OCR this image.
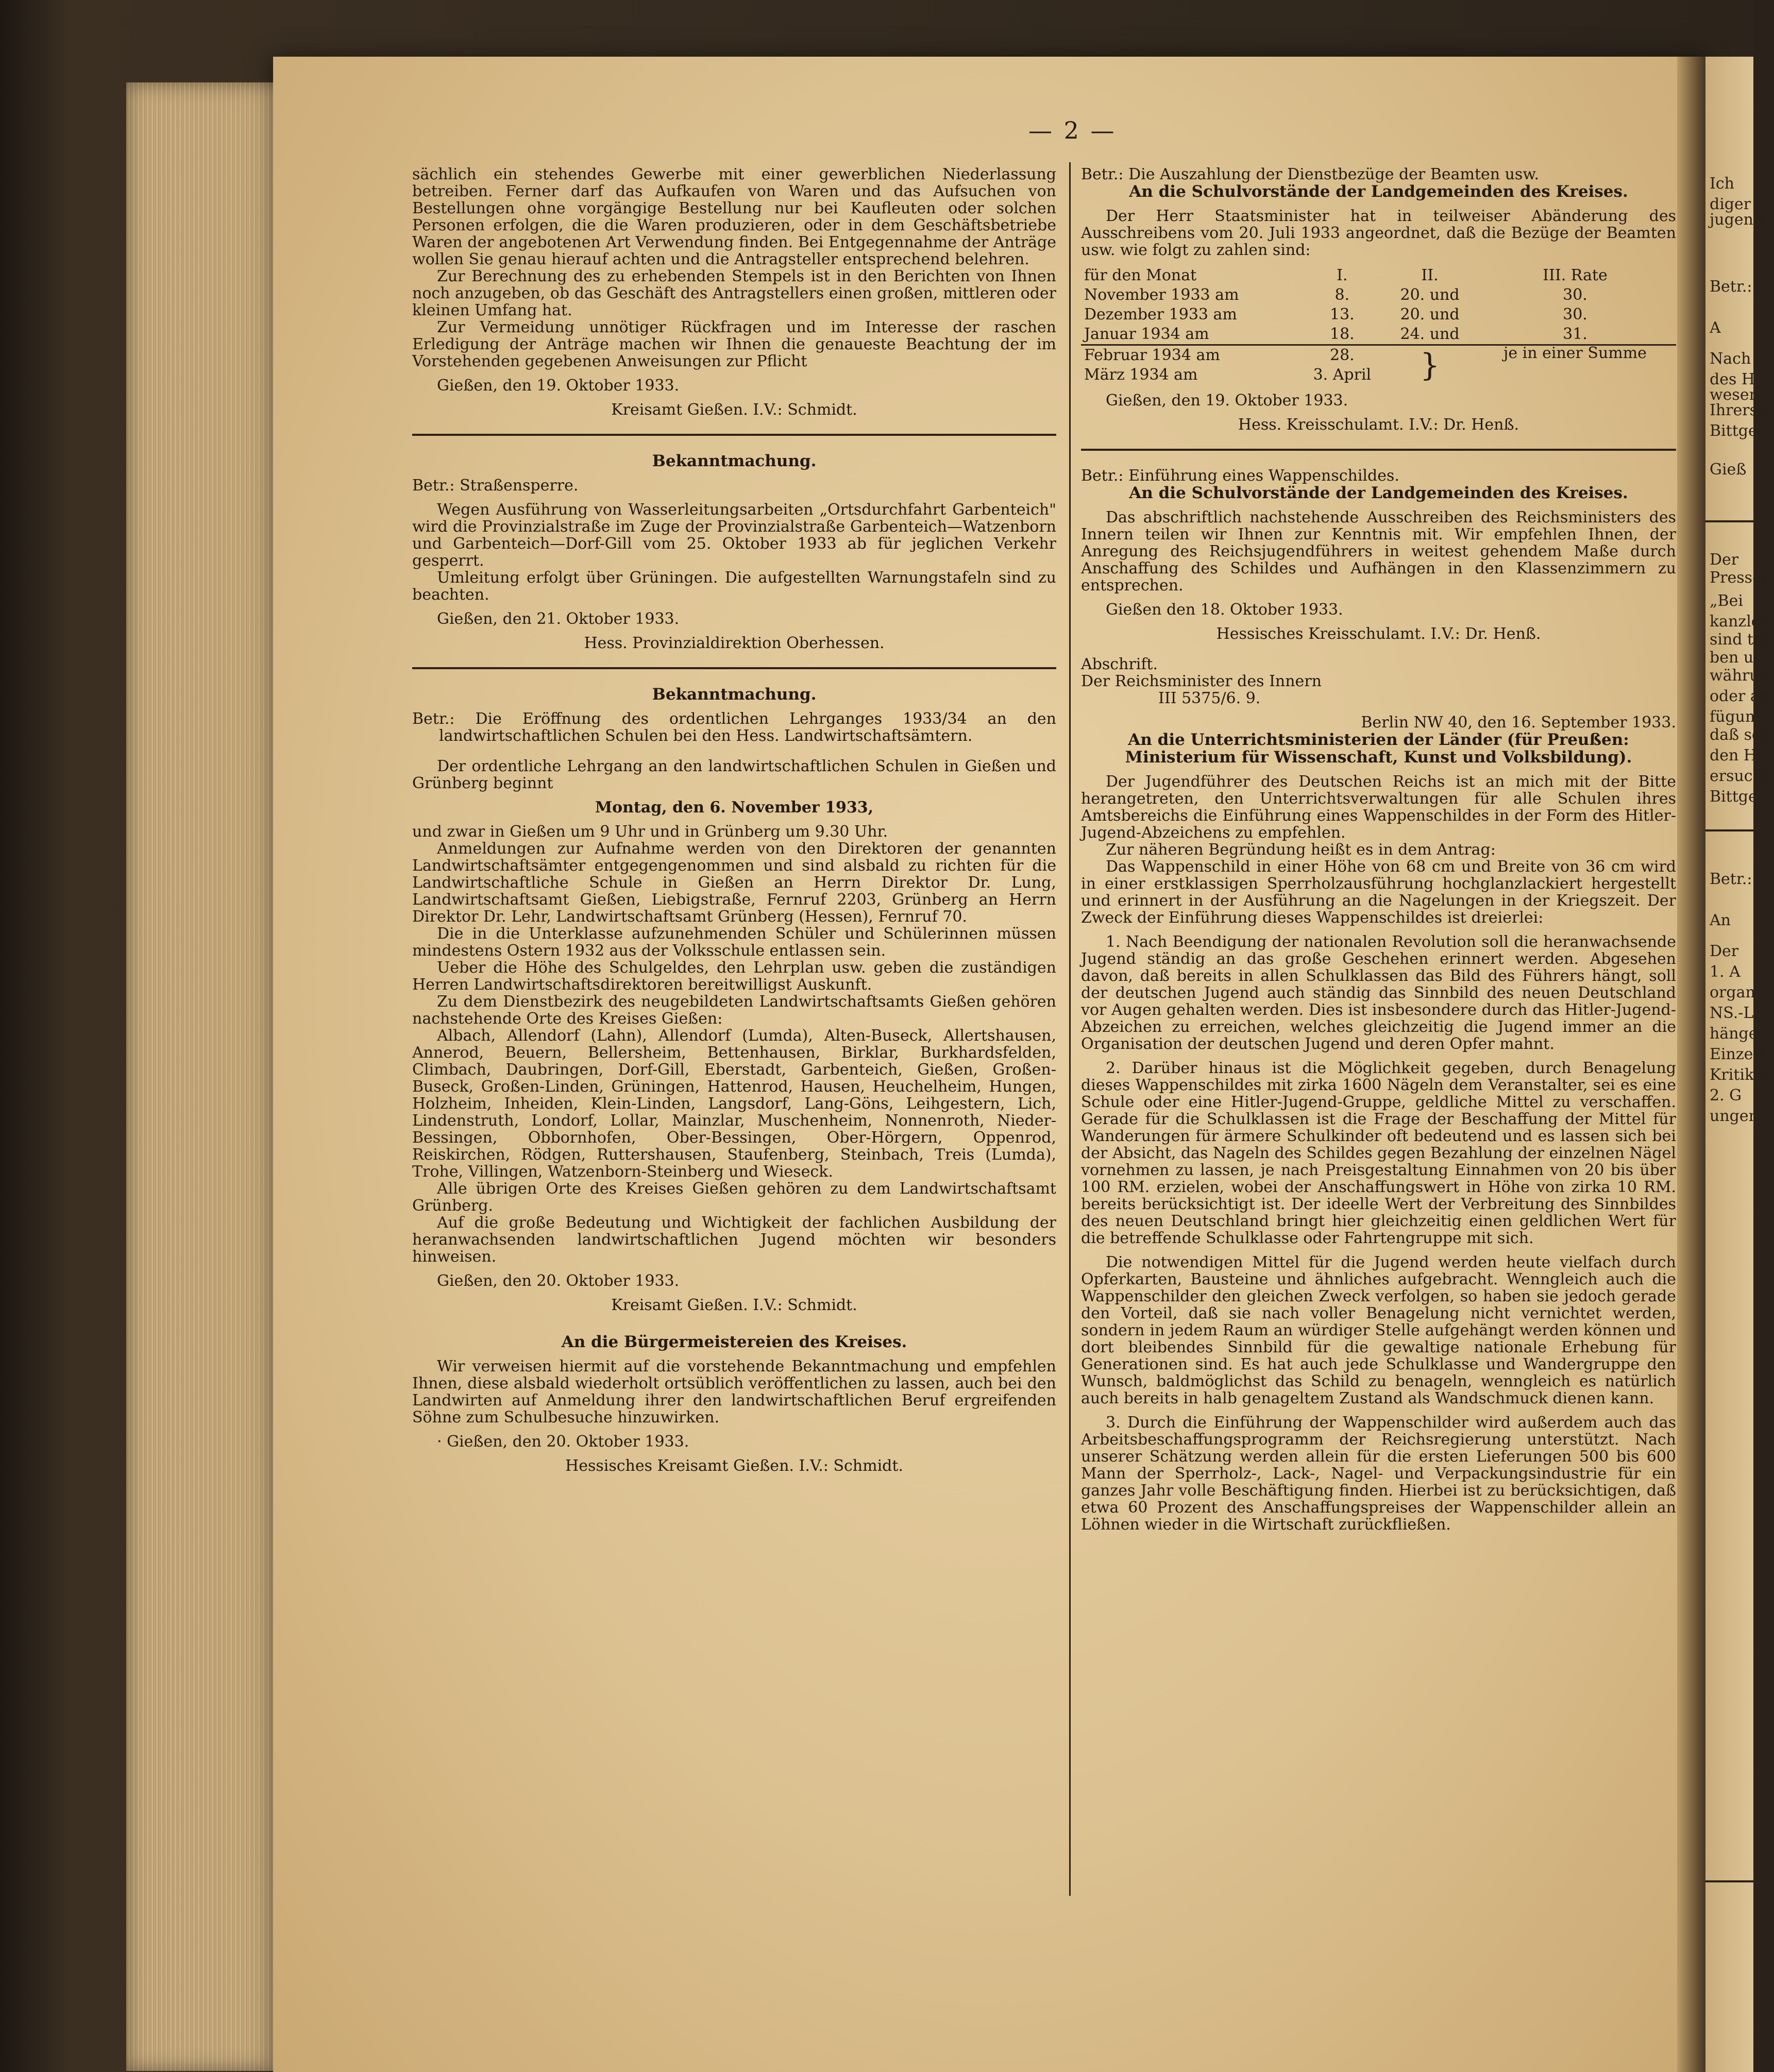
Ich
diger
jugend
Betr.:
A
Nach
des He
wesen,
Ihrerse
Bittges
Gieß
Der
Pressen
„Bei
kanzler
sind ter
ben un
währun
oder an
fügung
daß sch
den He
ersucht,
Bittges
Betr.:
An
Der
1. A
organis
NS.-Le
hänge
Einzelf
Kritik g
2. G
ungen
— 2 —

sächlich ein stehendes Gewerbe mit einer gewerblichen Niederlassung betreiben. Ferner darf das Aufkaufen von Waren und das Aufsuchen von Bestellungen ohne vorgängige Bestellung nur bei Kaufleuten oder solchen Personen erfolgen, die die Waren produzieren, oder in dem Geschäftsbetriebe Waren der angebotenen Art Verwendung finden. Bei Entgegennahme der Anträge wollen Sie genau hierauf achten und die Antragsteller entsprechend belehren.

Zur Berechnung des zu erhebenden Stempels ist in den Berichten von Ihnen noch anzugeben, ob das Geschäft des Antragstellers einen großen, mittleren oder kleinen Umfang hat.

Zur Vermeidung unnötiger Rückfragen und im Interesse der raschen Erledigung der Anträge machen wir Ihnen die genaueste Beachtung der im Vorstehenden gegebenen Anweisungen zur Pflicht

Gießen, den 19. Oktober 1933.

Kreisamt Gießen. I.V.: Schmidt.

Bekanntmachung.

Betr.: Straßensperre.

Wegen Ausführung von Wasserleitungsarbeiten „Ortsdurchfahrt Garbenteich" wird die Provinzialstraße im Zuge der Provinzialstraße Garbenteich—Watzenborn und Garbenteich—Dorf-Gill vom 25. Oktober 1933 ab für jeglichen Verkehr gesperrt.

Umleitung erfolgt über Grüningen. Die aufgestellten Warnungstafeln sind zu beachten.

Gießen, den 21. Oktober 1933.

Hess. Provinzialdirektion Oberhessen.

Bekanntmachung.

Betr.: Die Eröffnung des ordentlichen Lehrganges 1933/34 an den landwirtschaftlichen Schulen bei den Hess. Landwirtschaftsämtern.

Der ordentliche Lehrgang an den landwirtschaftlichen Schulen in Gießen und Grünberg beginnt

Montag, den 6. November 1933,

und zwar in Gießen um 9 Uhr und in Grünberg um 9.30 Uhr.

Anmeldungen zur Aufnahme werden von den Direktoren der genannten Landwirtschaftsämter entgegengenommen und sind alsbald zu richten für die Landwirtschaftliche Schule in Gießen an Herrn Direktor Dr. Lung, Landwirtschaftsamt Gießen, Liebigstraße, Fernruf 2203, Grünberg an Herrn Direktor Dr. Lehr, Landwirtschaftsamt Grünberg (Hessen), Fernruf 70.

Die in die Unterklasse aufzunehmenden Schüler und Schülerinnen müssen mindestens Ostern 1932 aus der Volksschule entlassen sein.

Ueber die Höhe des Schulgeldes, den Lehrplan usw. geben die zuständigen Herren Landwirtschaftsdirektoren bereitwilligst Auskunft.

Zu dem Dienstbezirk des neugebildeten Landwirtschaftsamts Gießen gehören nachstehende Orte des Kreises Gießen:

Albach, Allendorf (Lahn), Allendorf (Lumda), Alten-Buseck, Allertshausen, Annerod, Beuern, Bellersheim, Bettenhausen, Birklar, Burkhardsfelden, Climbach, Daubringen, Dorf-Gill, Eberstadt, Garbenteich, Gießen, Großen-Buseck, Großen-Linden, Grüningen, Hattenrod, Hausen, Heuchelheim, Hungen, Holzheim, Inheiden, Klein-Linden, Langsdorf, Lang-Göns, Leihgestern, Lich, Lindenstruth, Londorf, Lollar, Mainzlar, Muschenheim, Nonnenroth, Nieder-Bessingen, Obbornhofen, Ober-Bessingen, Ober-Hörgern, Oppenrod, Reiskirchen, Rödgen, Ruttershausen, Staufenberg, Steinbach, Treis (Lumda), Trohe, Villingen, Watzenborn-Steinberg und Wieseck.

Alle übrigen Orte des Kreises Gießen gehören zu dem Landwirtschaftsamt Grünberg.

Auf die große Bedeutung und Wichtigkeit der fachlichen Ausbildung der heranwachsenden landwirtschaftlichen Jugend möchten wir besonders hinweisen.

Gießen, den 20. Oktober 1933.

Kreisamt Gießen. I.V.: Schmidt.

An die Bürgermeistereien des Kreises.

Wir verweisen hiermit auf die vorstehende Bekanntmachung und empfehlen Ihnen, diese alsbald wiederholt ortsüblich veröffentlichen zu lassen, auch bei den Landwirten auf Anmeldung ihrer den landwirtschaftlichen Beruf ergreifenden Söhne zum Schulbesuche hinzuwirken.

· Gießen, den 20. Oktober 1933.

Hessisches Kreisamt Gießen. I.V.: Schmidt.

Betr.: Die Auszahlung der Dienstbezüge der Beamten usw.

An die Schulvorstände der Landgemeinden des Kreises.

Der Herr Staatsminister hat in teilweiser Abänderung des Ausschreibens vom 20. Juli 1933 angeordnet, daß die Bezüge der Beamten usw. wie folgt zu zahlen sind:

für den Monat	I.	II.	III. Rate
November 1933 am	8.	20. und	30.
Dezember 1933 am	13.	20. und	30.
Januar 1934 am	18.	24. und	31.
Februar 1934 am	28.	}	je in einer Summe
März 1934 am	3. April		

Gießen, den 19. Oktober 1933.

Hess. Kreisschulamt. I.V.: Dr. Henß.

Betr.: Einführung eines Wappenschildes.

An die Schulvorstände der Landgemeinden des Kreises.

Das abschriftlich nachstehende Ausschreiben des Reichsministers des Innern teilen wir Ihnen zur Kenntnis mit. Wir empfehlen Ihnen, der Anregung des Reichsjugendführers in weitest gehendem Maße durch Anschaffung des Schildes und Aufhängen in den Klassenzimmern zu entsprechen.

Gießen den 18. Oktober 1933.

Hessisches Kreisschulamt. I.V.: Dr. Henß.

Abschrift.

Der Reichsminister des Innern

III 5375/6. 9.

Berlin NW 40, den 16. September 1933.

An die Unterrichtsministerien der Länder (für Preußen: Ministerium für Wissenschaft, Kunst und Volksbildung).

Der Jugendführer des Deutschen Reichs ist an mich mit der Bitte herangetreten, den Unterrichtsverwaltungen für alle Schulen ihres Amtsbereichs die Einführung eines Wappenschildes in der Form des Hitler-Jugend-Abzeichens zu empfehlen.

Zur näheren Begründung heißt es in dem Antrag:

Das Wappenschild in einer Höhe von 68 cm und Breite von 36 cm wird in einer erstklassigen Sperrholzausführung hochglanzlackiert hergestellt und erinnert in der Ausführung an die Nagelungen in der Kriegszeit. Der Zweck der Einführung dieses Wappenschildes ist dreierlei:

1. Nach Beendigung der nationalen Revolution soll die heranwachsende Jugend ständig an das große Geschehen erinnert werden. Abgesehen davon, daß bereits in allen Schulklassen das Bild des Führers hängt, soll der deutschen Jugend auch ständig das Sinnbild des neuen Deutschland vor Augen gehalten werden. Dies ist insbesondere durch das Hitler-Jugend-Abzeichen zu erreichen, welches gleichzeitig die Jugend immer an die Organisation der deutschen Jugend und deren Opfer mahnt.

2. Darüber hinaus ist die Möglichkeit gegeben, durch Benagelung dieses Wappenschildes mit zirka 1600 Nägeln dem Veranstalter, sei es eine Schule oder eine Hitler-Jugend-Gruppe, geldliche Mittel zu verschaffen. Gerade für die Schulklassen ist die Frage der Beschaffung der Mittel für Wanderungen für ärmere Schulkinder oft bedeutend und es lassen sich bei der Absicht, das Nageln des Schildes gegen Bezahlung der einzelnen Nägel vornehmen zu lassen, je nach Preisgestaltung Einnahmen von 20 bis über 100 RM. erzielen, wobei der Anschaffungswert in Höhe von zirka 10 RM. bereits berücksichtigt ist. Der ideelle Wert der Verbreitung des Sinnbildes des neuen Deutschland bringt hier gleichzeitig einen geldlichen Wert für die betreffende Schulklasse oder Fahrtengruppe mit sich.

Die notwendigen Mittel für die Jugend werden heute vielfach durch Opferkarten, Bausteine und ähnliches aufgebracht. Wenngleich auch die Wappenschilder den gleichen Zweck verfolgen, so haben sie jedoch gerade den Vorteil, daß sie nach voller Benagelung nicht vernichtet werden, sondern in jedem Raum an würdiger Stelle aufgehängt werden können und dort bleibendes Sinnbild für die gewaltige nationale Erhebung für Generationen sind. Es hat auch jede Schulklasse und Wandergruppe den Wunsch, baldmöglichst das Schild zu benageln, wenngleich es natürlich auch bereits in halb genageltem Zustand als Wandschmuck dienen kann.

3. Durch die Einführung der Wappenschilder wird außerdem auch das Arbeitsbeschaffungsprogramm der Reichsregierung unterstützt. Nach unserer Schätzung werden allein für die ersten Lieferungen 500 bis 600 Mann der Sperrholz-, Lack-, Nagel- und Verpackungsindustrie für ein ganzes Jahr volle Beschäftigung finden. Hierbei ist zu berücksichtigen, daß etwa 60 Prozent des Anschaffungspreises der Wappenschilder allein an Löhnen wieder in die Wirtschaft zurückfließen.
